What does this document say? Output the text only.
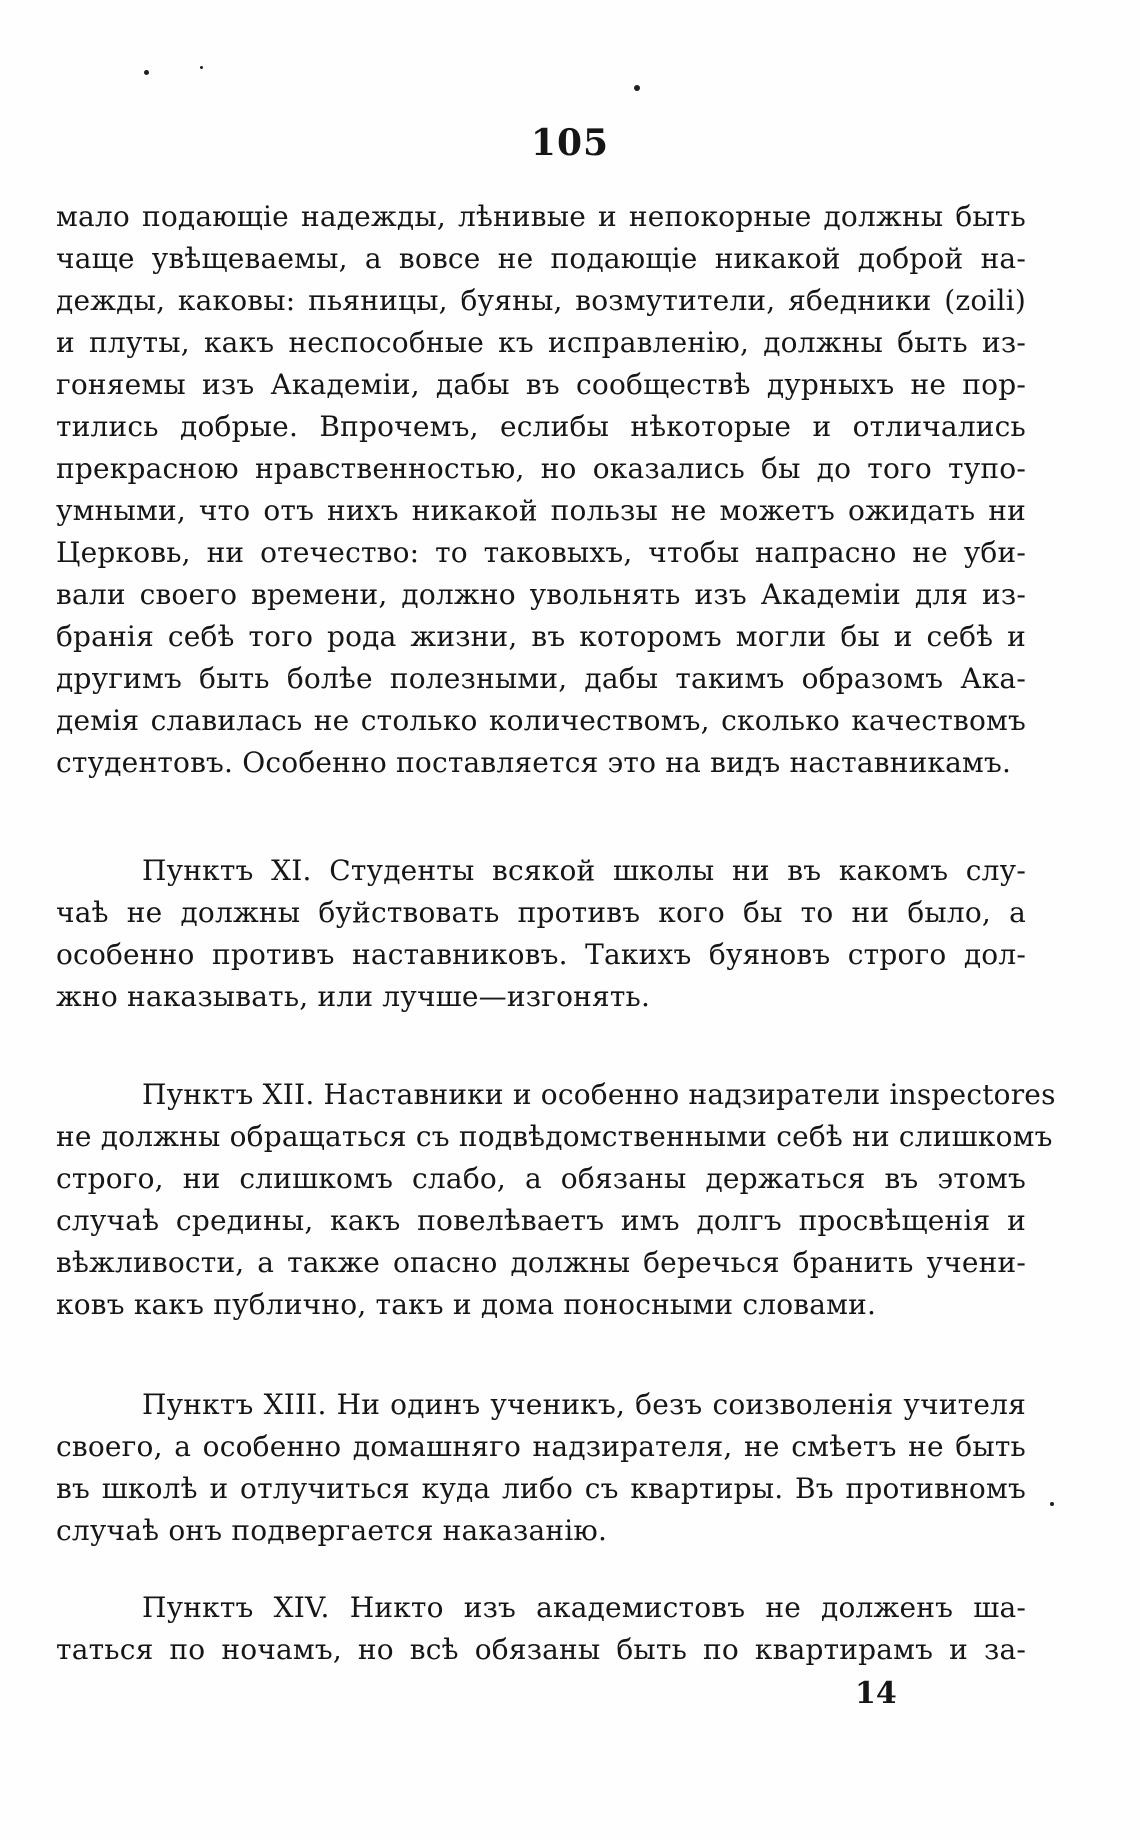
105
мало подающіе надежды, лѣнивые и непокорные должны быть
чаще увѣщеваемы, а вовсе не подающіе никакой доброй на-
дежды, каковы: пьяницы, буяны, возмутители, ябедники (zoili)
и плуты, какъ неспособные къ исправленію, должны быть из-
гоняемы изъ Академіи, дабы въ сообществѣ дурныхъ не пор-
тились добрые. Впрочемъ, еслибы нѣкоторые и отличались
прекрасною нравственностью, но оказались бы до того тупо-
умными, что отъ нихъ никакой пользы не можетъ ожидать ни
Церковь, ни отечество: то таковыхъ, чтобы напрасно не уби-
вали своего времени, должно увольнять изъ Академіи для из-
бранія себѣ того рода жизни, въ которомъ могли бы и себѣ и
другимъ быть болѣе полезными, дабы такимъ образомъ Ака-
демія славилась не столько количествомъ, сколько качествомъ
студентовъ. Особенно поставляется это на видъ наставникамъ.
Пунктъ XI. Студенты всякой школы ни въ какомъ слу-
чаѣ не должны буйствовать противъ кого бы то ни было, а
особенно противъ наставниковъ. Такихъ буяновъ строго дол-
жно наказывать, или лучше—изгонять.
Пунктъ XII. Наставники и особенно надзиратели inspectores
не должны обращаться съ подвѣдомственными себѣ ни слишкомъ
строго, ни слишкомъ слабо, а обязаны держаться въ этомъ
случаѣ средины, какъ повелѣваетъ имъ долгъ просвѣщенія и
вѣжливости, а также опасно должны беречься бранить учени-
ковъ какъ публично, такъ и дома поносными словами.
Пунктъ XIII. Ни одинъ ученикъ, безъ соизволенія учителя
своего, а особенно домашняго надзирателя, не смѣетъ не быть
въ школѣ и отлучиться куда либо съ квартиры. Въ противномъ
случаѣ онъ подвергается наказанію.
Пунктъ XIV. Никто изъ академистовъ не долженъ ша-
таться по ночамъ, но всѣ обязаны быть по квартирамъ и за-
14
